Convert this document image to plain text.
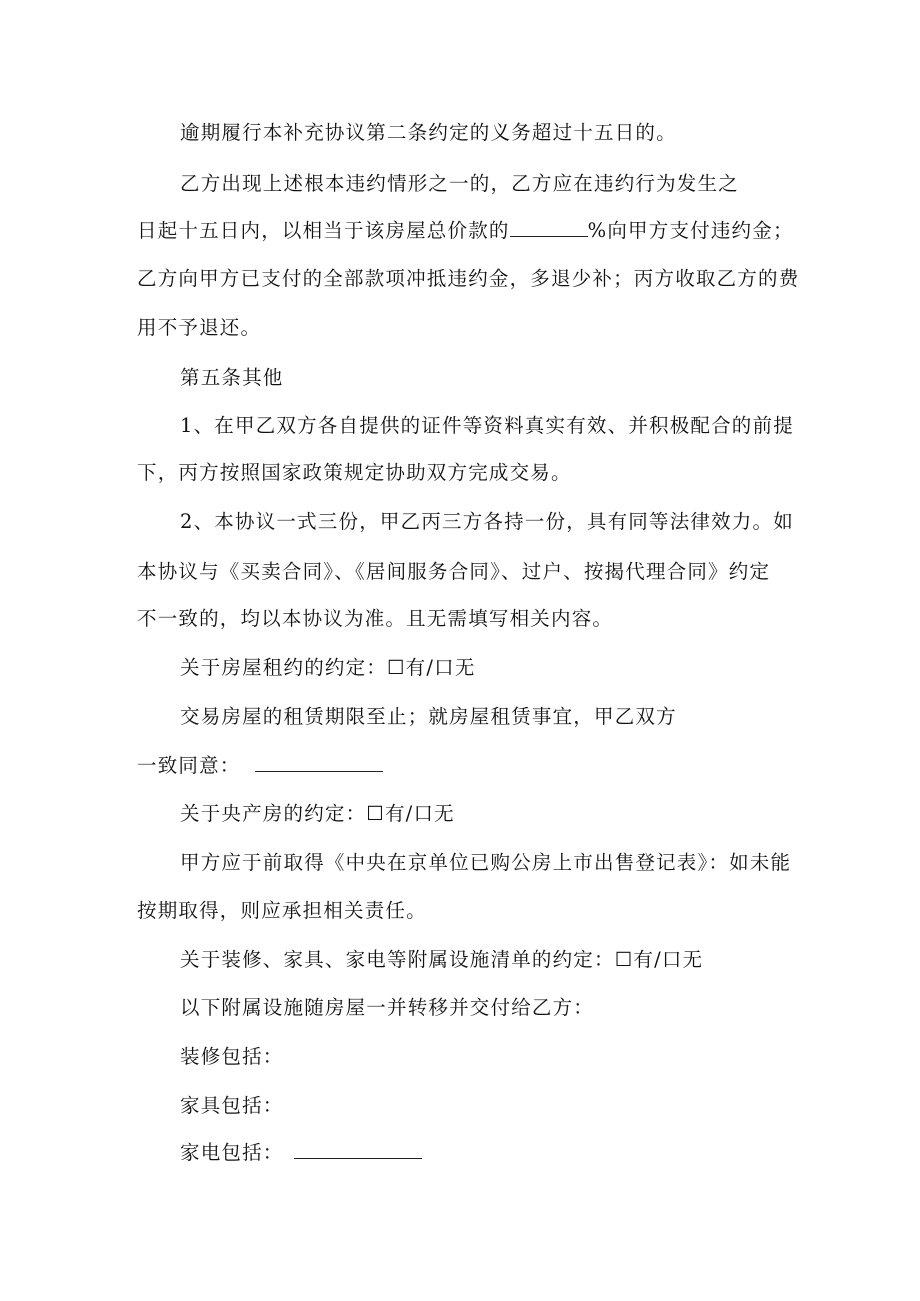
逾期履行本补充协议第二条约定的义务超过十五日的。
乙方出现上述根本违约情形之一的，乙方应在违约行为发生之
日起十五日内，以相当于该房屋总价款的	%向甲方支付违约金；
乙方向甲方已支付的全部款项冲抵违约金，多退少补；丙方收取乙方的费
用不予退还。
第五条其他
1、在甲乙双方各自提供的证件等资料真实有效、并积极配合的前提
下，丙方按照国家政策规定协助双方完成交易。
2、本协议一式三份，甲乙丙三方各持一份，具有同等法律效力。如
本协议与《买卖合同》、《居间服务合同》、过户、按揭代理合同》约定
不一致的，均以本协议为准。且无需填写相关内容。
关于房屋租约的约定：☐有/口无
交易房屋的租赁期限至止；就房屋租赁事宜，甲乙双方
一致同意：
关于央产房的约定：☐有/口无
甲方应于前取得《中央在京单位已购公房上市出售登记表》：如未能
按期取得，则应承担相关责任。
关于装修、家具、家电等附属设施清单的约定：☐有/口无
以下附属设施随房屋一并转移并交付给乙方：
装修包括：
家具包括：
家电包括：
